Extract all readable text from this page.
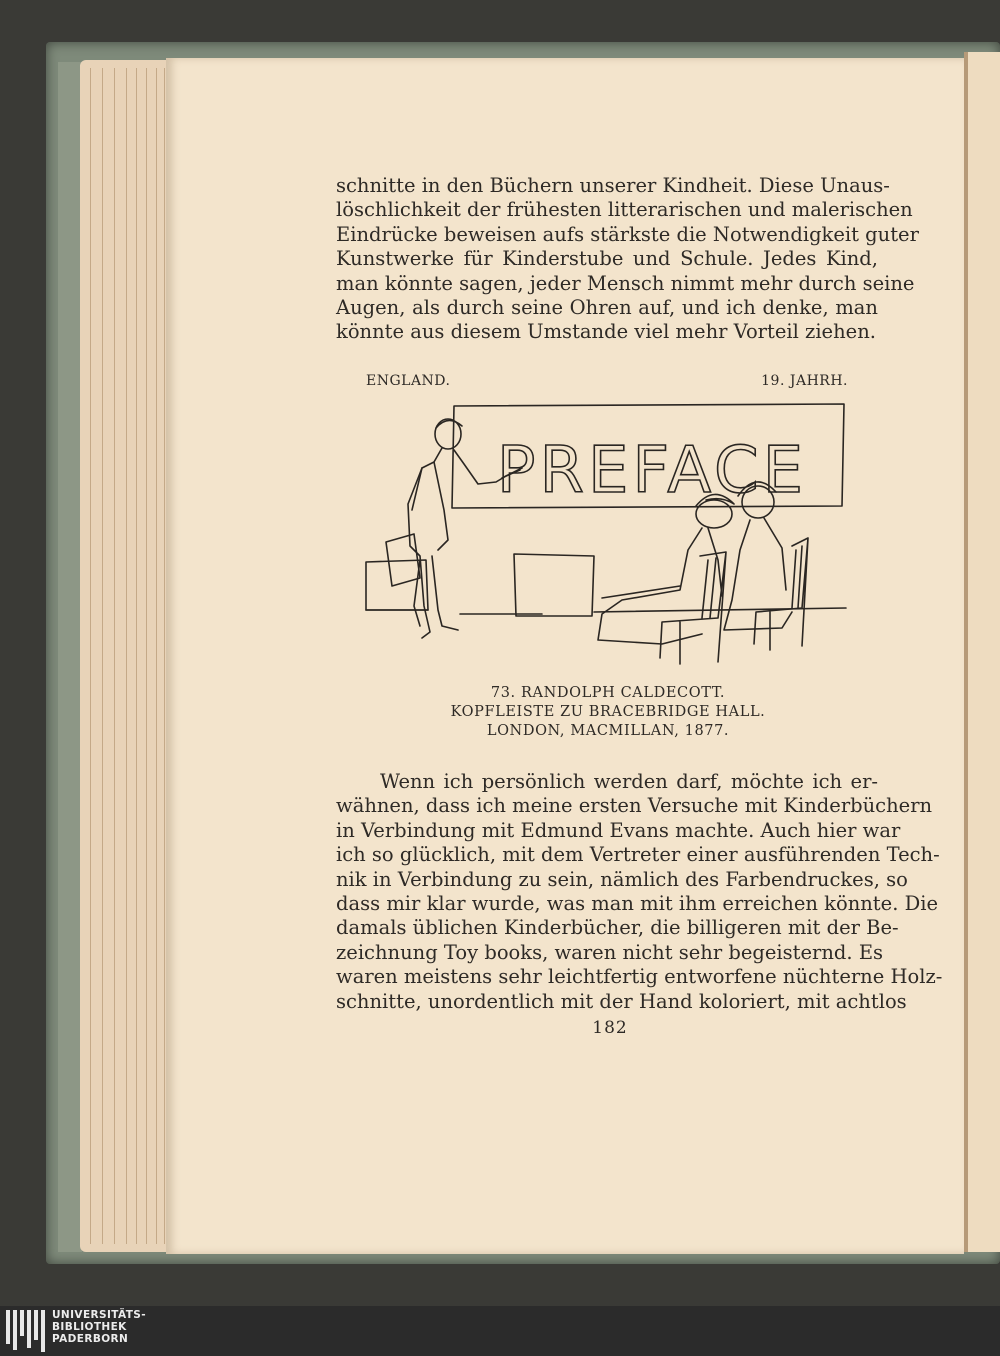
schnitte in den Büchern unserer Kindheit. Diese Unaus-
löschlichkeit der frühesten litterarischen und malerischen
Eindrücke beweisen aufs stärkste die Notwendigkeit guter
Kunstwerke für Kinderstube und Schule. Jedes Kind,
man könnte sagen, jeder Mensch nimmt mehr durch seine
Augen, als durch seine Ohren auf, und ich denke, man
könnte aus diesem Umstande viel mehr Vorteil ziehen.
ENGLAND.	19. JAHRH.
PREFACE
73. RANDOLPH CALDECOTT.
KOPFLEISTE ZU BRACEBRIDGE HALL.
LONDON, MACMILLAN, 1877.
Wenn ich persönlich werden darf, möchte ich er-
wähnen, dass ich meine ersten Versuche mit Kinderbüchern
in Verbindung mit Edmund Evans machte. Auch hier war
ich so glücklich, mit dem Vertreter einer ausführenden Tech-
nik in Verbindung zu sein, nämlich des Farbendruckes, so
dass mir klar wurde, was man mit ihm erreichen könnte. Die
damals üblichen Kinderbücher, die billigeren mit der Be-
zeichnung Toy books, waren nicht sehr begeisternd. Es
waren meistens sehr leichtfertig entworfene nüchterne Holz-
schnitte, unordentlich mit der Hand koloriert, mit achtlos
182
UNIVERSITÄTS-
BIBLIOTHEK
PADERBORN
